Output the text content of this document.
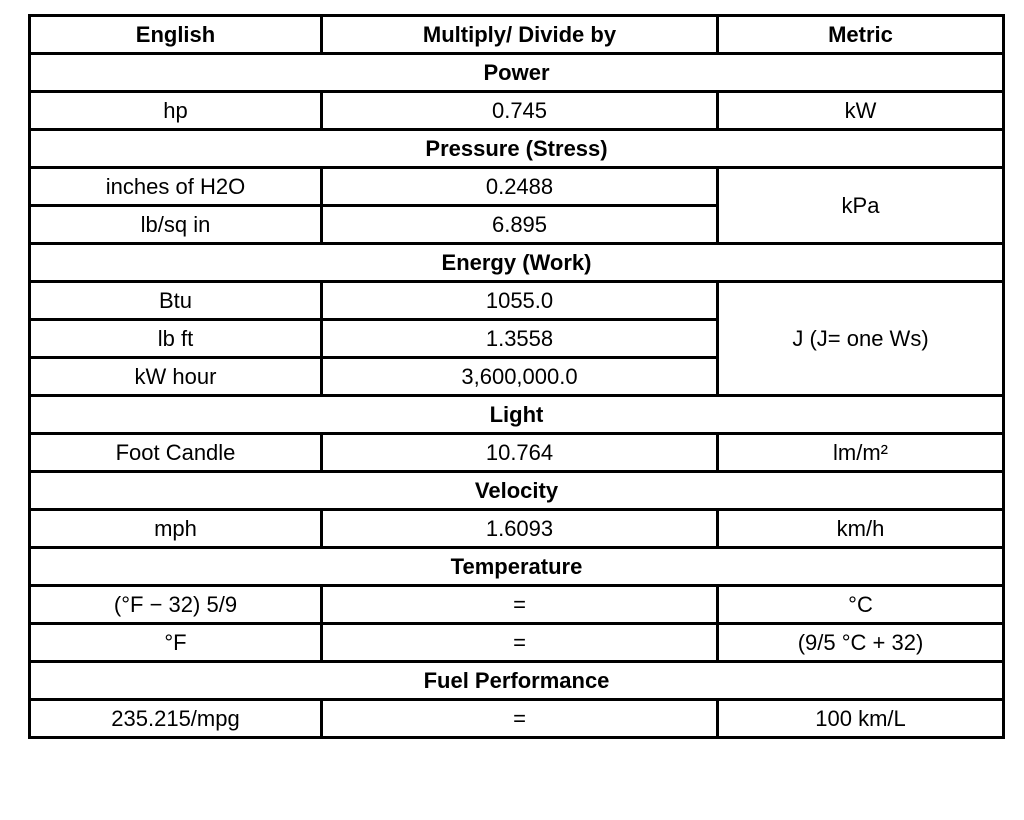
English	Multiply/ Divide by	Metric
Power		
hp	0.745	kW
Pressure (Stress)		
inches of H2O	0.2488	kPa
lb/sq in	6.895	
Energy (Work)		
Btu	1055.0	J (J= one Ws)
lb ft	1.3558	
kW hour	3,600,000.0	
Light		
Foot Candle	10.764	lm/m²
Velocity		
mph	1.6093	km/h
Temperature		
(°F − 32) 5/9	=	°C
°F	=	(9/5 °C + 32)
Fuel Performance		
235.215/mpg	=	100 km/L
